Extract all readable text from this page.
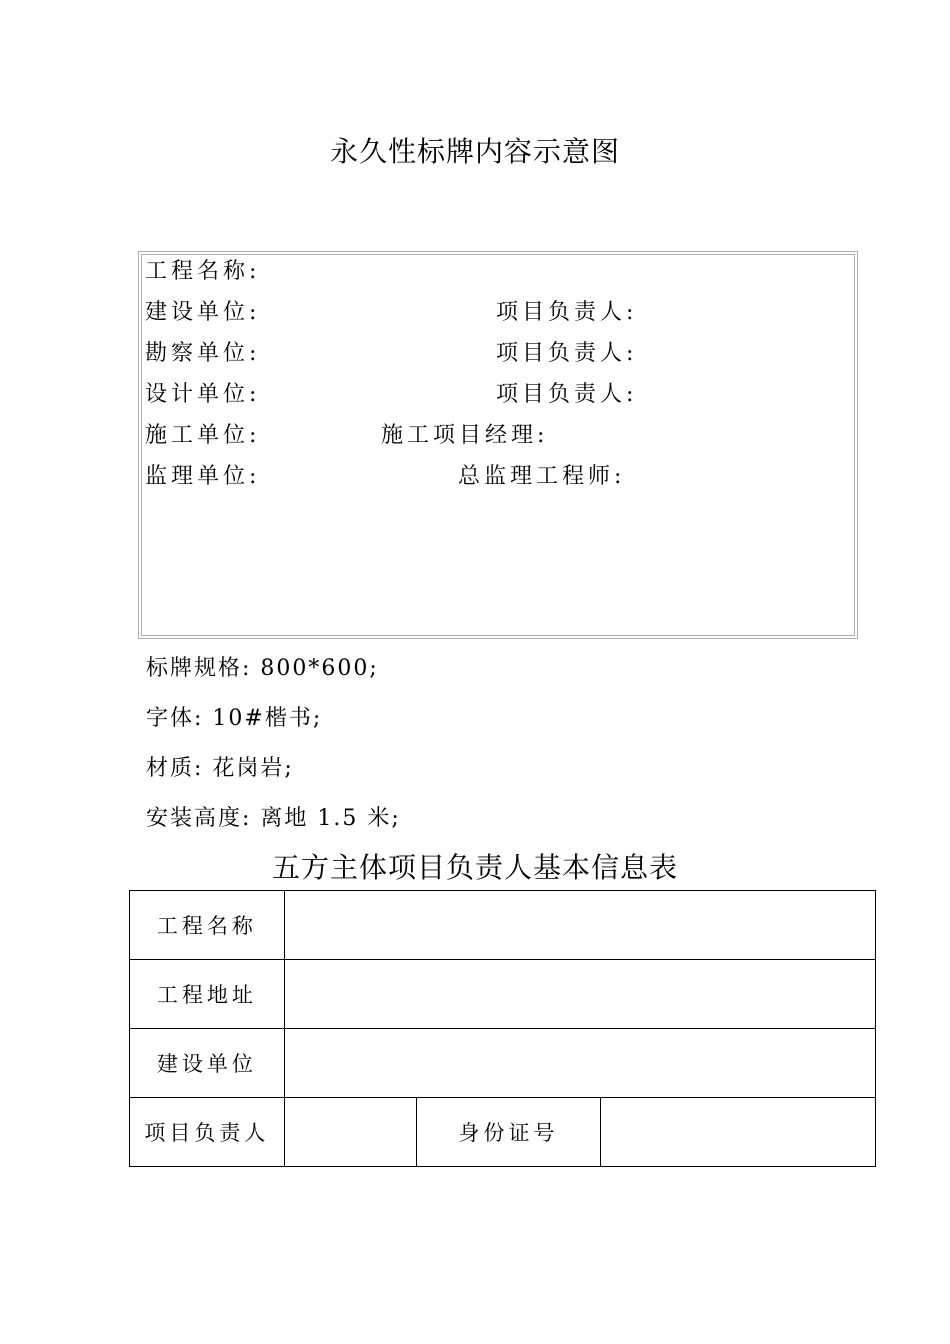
永久性标牌内容示意图
工程名称:
建设单位:	项目负责人:
勘察单位:	项目负责人:
设计单位:	项目负责人:
施工单位:	施工项目经理:
监理单位:	总监理工程师:
标牌规格: 800*600;
字体: 10#楷书;
材质: 花岗岩;
安装高度: 离地 1.5 米;
五方主体项目负责人基本信息表
工程名称			
工程地址			
建设单位			
项目负责人		身份证号	
